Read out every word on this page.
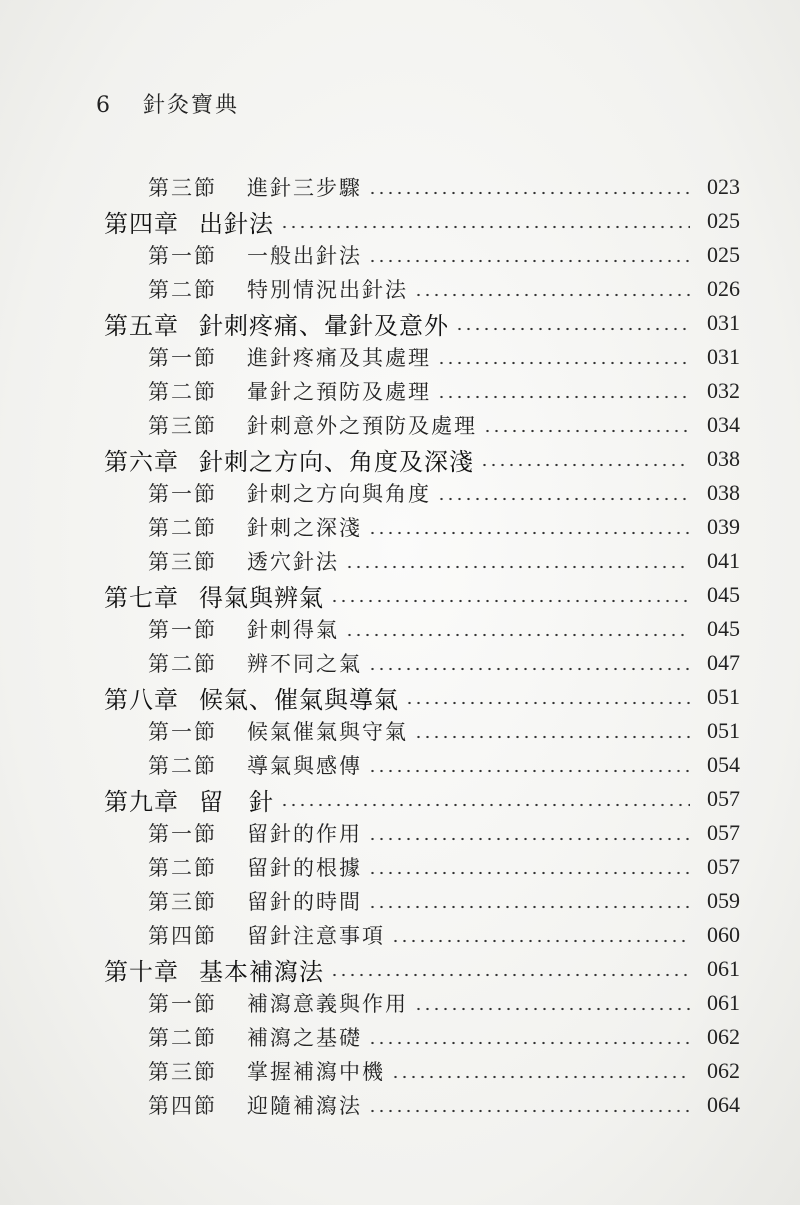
6 針灸寶典
第三節 進針三步驟	023
第四章 出針法	025
第一節 一般出針法	025
第二節 特別情況出針法	026
第五章 針刺疼痛、暈針及意外	031
第一節 進針疼痛及其處理	031
第二節 暈針之預防及處理	032
第三節 針刺意外之預防及處理	034
第六章 針刺之方向、角度及深淺	038
第一節 針刺之方向與角度	038
第二節 針刺之深淺	039
第三節 透穴針法	041
第七章 得氣與辨氣	045
第一節 針刺得氣	045
第二節 辨不同之氣	047
第八章 候氣、催氣與導氣	051
第一節 候氣催氣與守氣	051
第二節 導氣與感傳	054
第九章 留　針	057
第一節 留針的作用	057
第二節 留針的根據	057
第三節 留針的時間	059
第四節 留針注意事項	060
第十章 基本補瀉法	061
第一節 補瀉意義與作用	061
第二節 補瀉之基礎	062
第三節 掌握補瀉中機	062
第四節 迎隨補瀉法	064
